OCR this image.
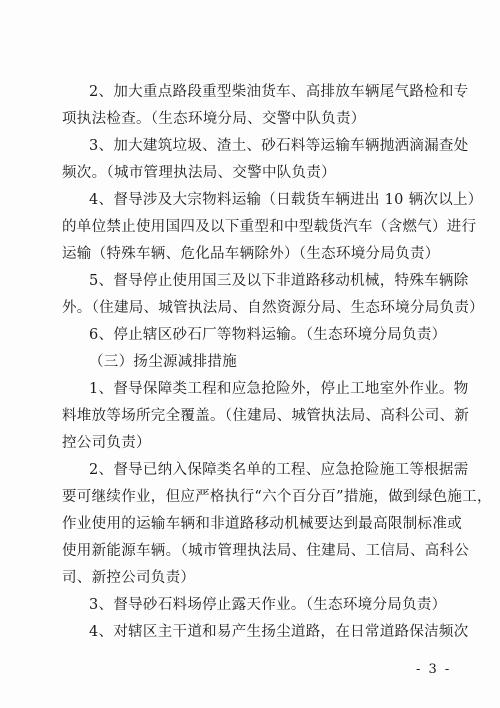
2、加大重点路段重型柴油货车、高排放车辆尾气路检和专
项执法检查。（生态环境分局、交警中队负责）
3、加大建筑垃圾、渣土、砂石料等运输车辆抛洒滴漏查处
频次。（城市管理执法局、交警中队负责）
4、督导涉及大宗物料运输（日载货车辆进出 10 辆次以上）
的单位禁止使用国四及以下重型和中型载货汽车（含燃气）进行
运输（特殊车辆、危化品车辆除外）（生态环境分局负责）
5、督导停止使用国三及以下非道路移动机械，特殊车辆除
外。（住建局、城管执法局、自然资源分局、生态环境分局负责）
6、停止辖区砂石厂等物料运输。（生态环境分局负责）
（三）扬尘源减排措施
1、督导保障类工程和应急抢险外，停止工地室外作业。物
料堆放等场所完全覆盖。（住建局、城管执法局、高科公司、新
控公司负责）
2、督导已纳入保障类名单的工程、应急抢险施工等根据需
要可继续作业，但应严格执行“六个百分百”措施，做到绿色施工，
作业使用的运输车辆和非道路移动机械要达到最高限制标准或
使用新能源车辆。（城市管理执法局、住建局、工信局、高科公
司、新控公司负责）
3、督导砂石料场停止露天作业。（生态环境分局负责）
4、对辖区主干道和易产生扬尘道路，在日常道路保洁频次
- 3 -
